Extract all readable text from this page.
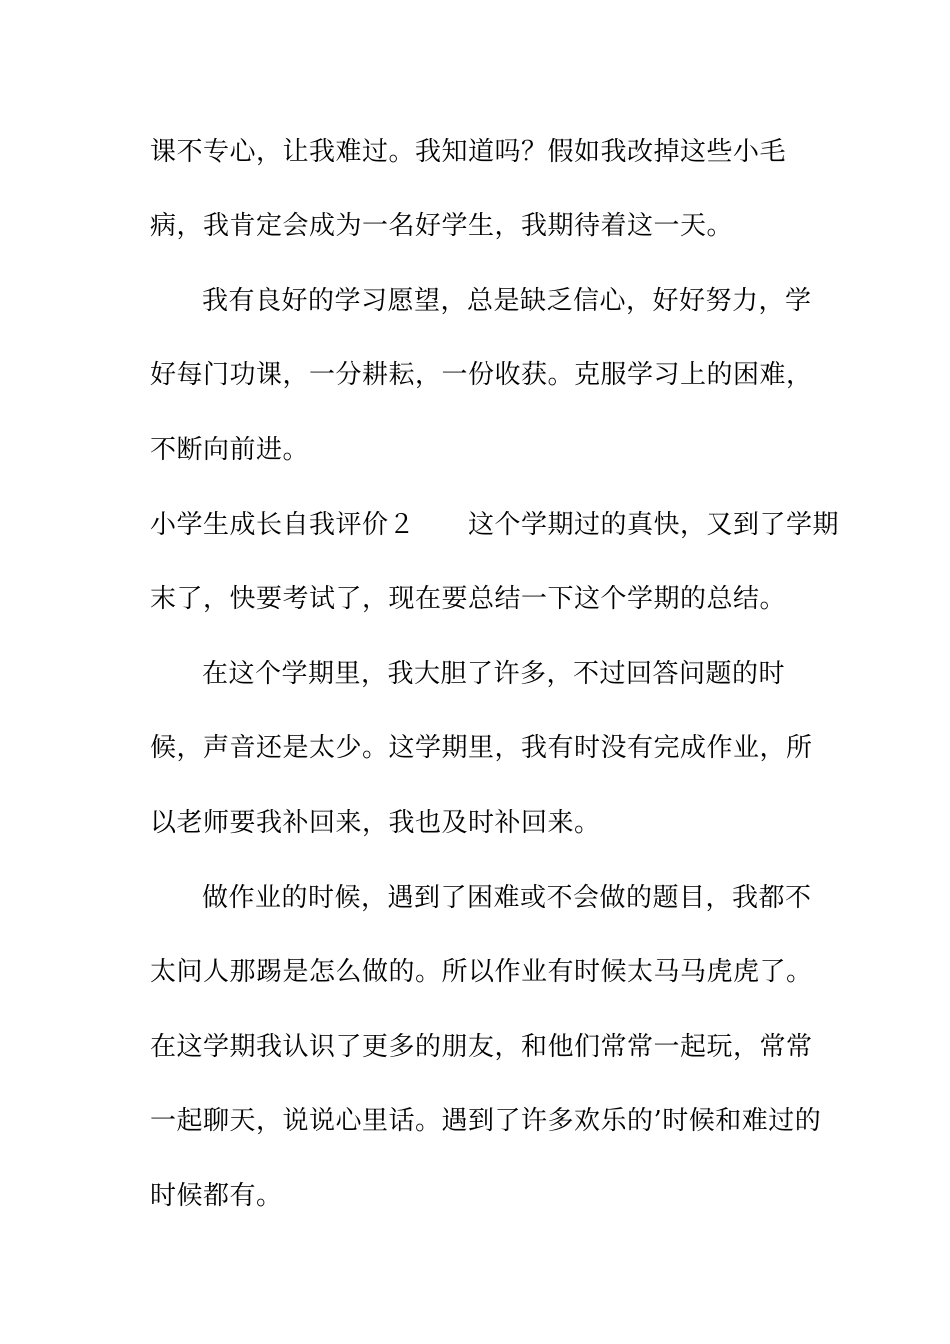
课不专心，让我难过。我知道吗？假如我改掉这些小毛
病，我肯定会成为一名好学生，我期待着这一天。
我有良好的学习愿望，总是缺乏信心，好好努力，学
好每门功课，一分耕耘，一份收获。克服学习上的困难，
不断向前进。
小学生成长自我评价２　　这个学期过的真快，又到了学期
末了，快要考试了，现在要总结一下这个学期的总结。
在这个学期里，我大胆了许多，不过回答问题的时
候，声音还是太少。这学期里，我有时没有完成作业，所
以老师要我补回来，我也及时补回来。
做作业的时候，遇到了困难或不会做的题目，我都不
太问人那踢是怎么做的。所以作业有时候太马马虎虎了。
在这学期我认识了更多的朋友，和他们常常一起玩，常常
一起聊天，说说心里话。遇到了许多欢乐的’时候和难过的
时候都有。
